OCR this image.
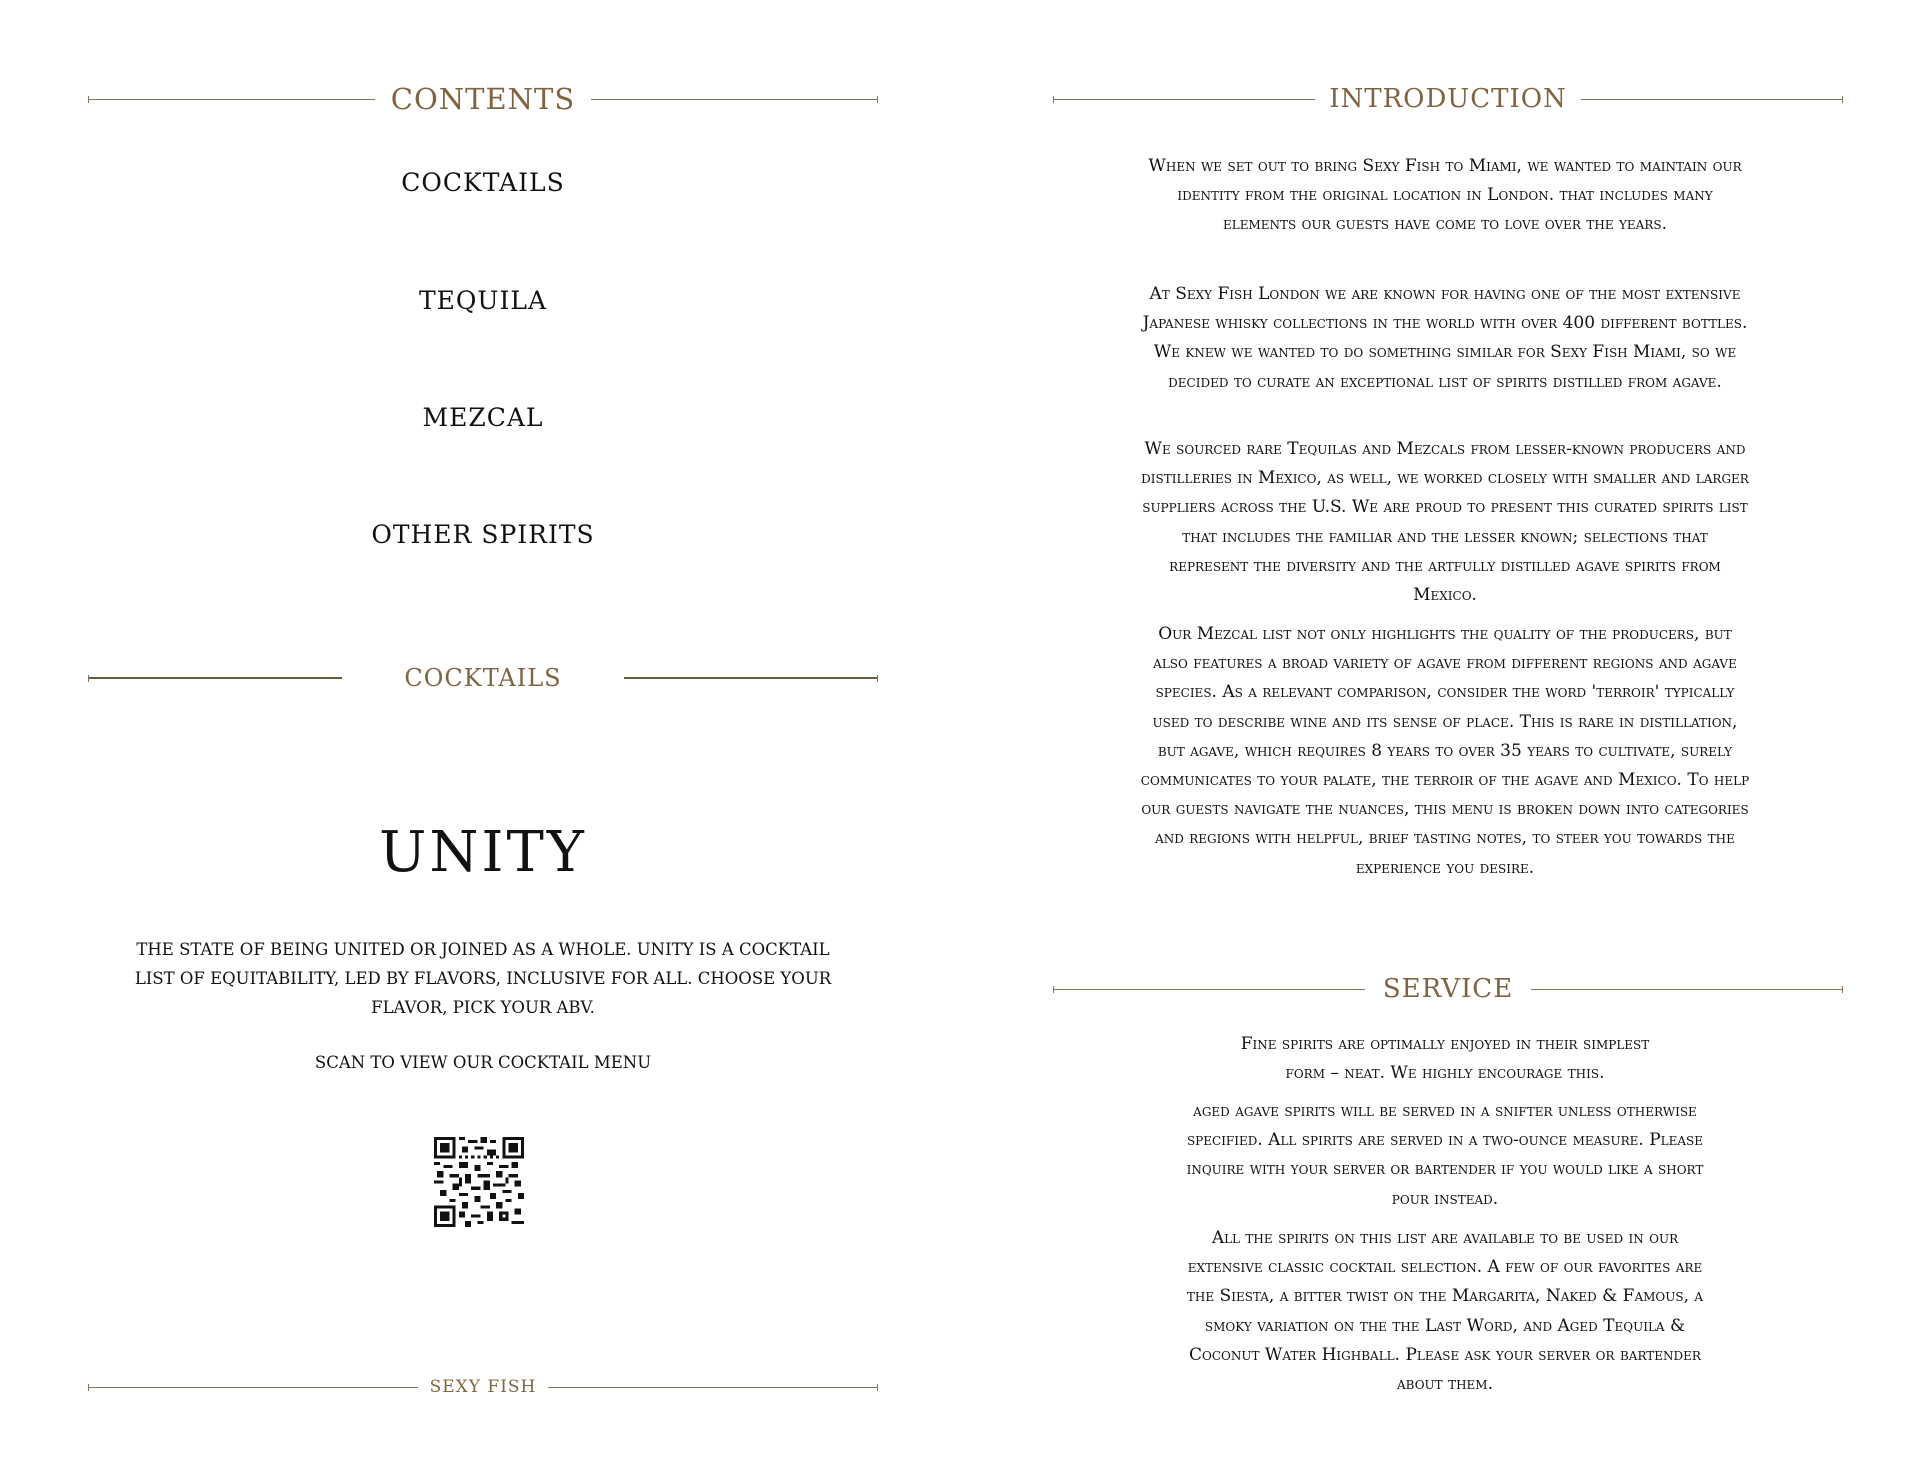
CONTENTS
COCKTAILS
TEQUILA
MEZCAL
OTHER SPIRITS
COCKTAILS
UNITY
THE STATE OF BEING UNITED OR JOINED AS A WHOLE. UNITY IS A COCKTAIL LIST OF EQUITABILITY, LED BY FLAVORS, INCLUSIVE FOR ALL. CHOOSE YOUR FLAVOR, PICK YOUR ABV.
SCAN TO VIEW OUR COCKTAIL MENU
SEXY FISH
INTRODUCTION

When we set out to bring Sexy Fish to Miami, we wanted to maintain our identity from the original location in London. that includes many elements our guests have come to love over the years.

At Sexy Fish London we are known for having one of the most extensive Japanese whisky collections in the world with over 400 different bottles. We knew we wanted to do something similar for Sexy Fish Miami, so we decided to curate an exceptional list of spirits distilled from agave.

We sourced rare Tequilas and Mezcals from lesser-known producers and distilleries in Mexico, as well, we worked closely with smaller and larger suppliers across the U.S. We are proud to present this curated spirits list that includes the familiar and the lesser known; selections that represent the diversity and the artfully distilled agave spirits from Mexico.

Our Mezcal list not only highlights the quality of the producers, but also features a broad variety of agave from different regions and agave species. As a relevant comparison, consider the word 'terroir' typically used to describe wine and its sense of place. This is rare in distillation, but agave, which requires 8 years to over 35 years to cultivate, surely communicates to your palate, the terroir of the agave and Mexico. To help our guests navigate the nuances, this menu is broken down into categories and regions with helpful, brief tasting notes, to steer you towards the experience you desire.

SERVICE

Fine spirits are optimally enjoyed in their simplest form – neat. We highly encourage this.

aged agave spirits will be served in a snifter unless otherwise specified. All spirits are served in a two-ounce measure. Please inquire with your server or bartender if you would like a short pour instead.

All the spirits on this list are available to be used in our extensive classic cocktail selection. A few of our favorites are the Siesta, a bitter twist on the Margarita, Naked & Famous, a smoky variation on the the Last Word, and Aged Tequila & Coconut Water Highball. Please ask your server or bartender about them.
